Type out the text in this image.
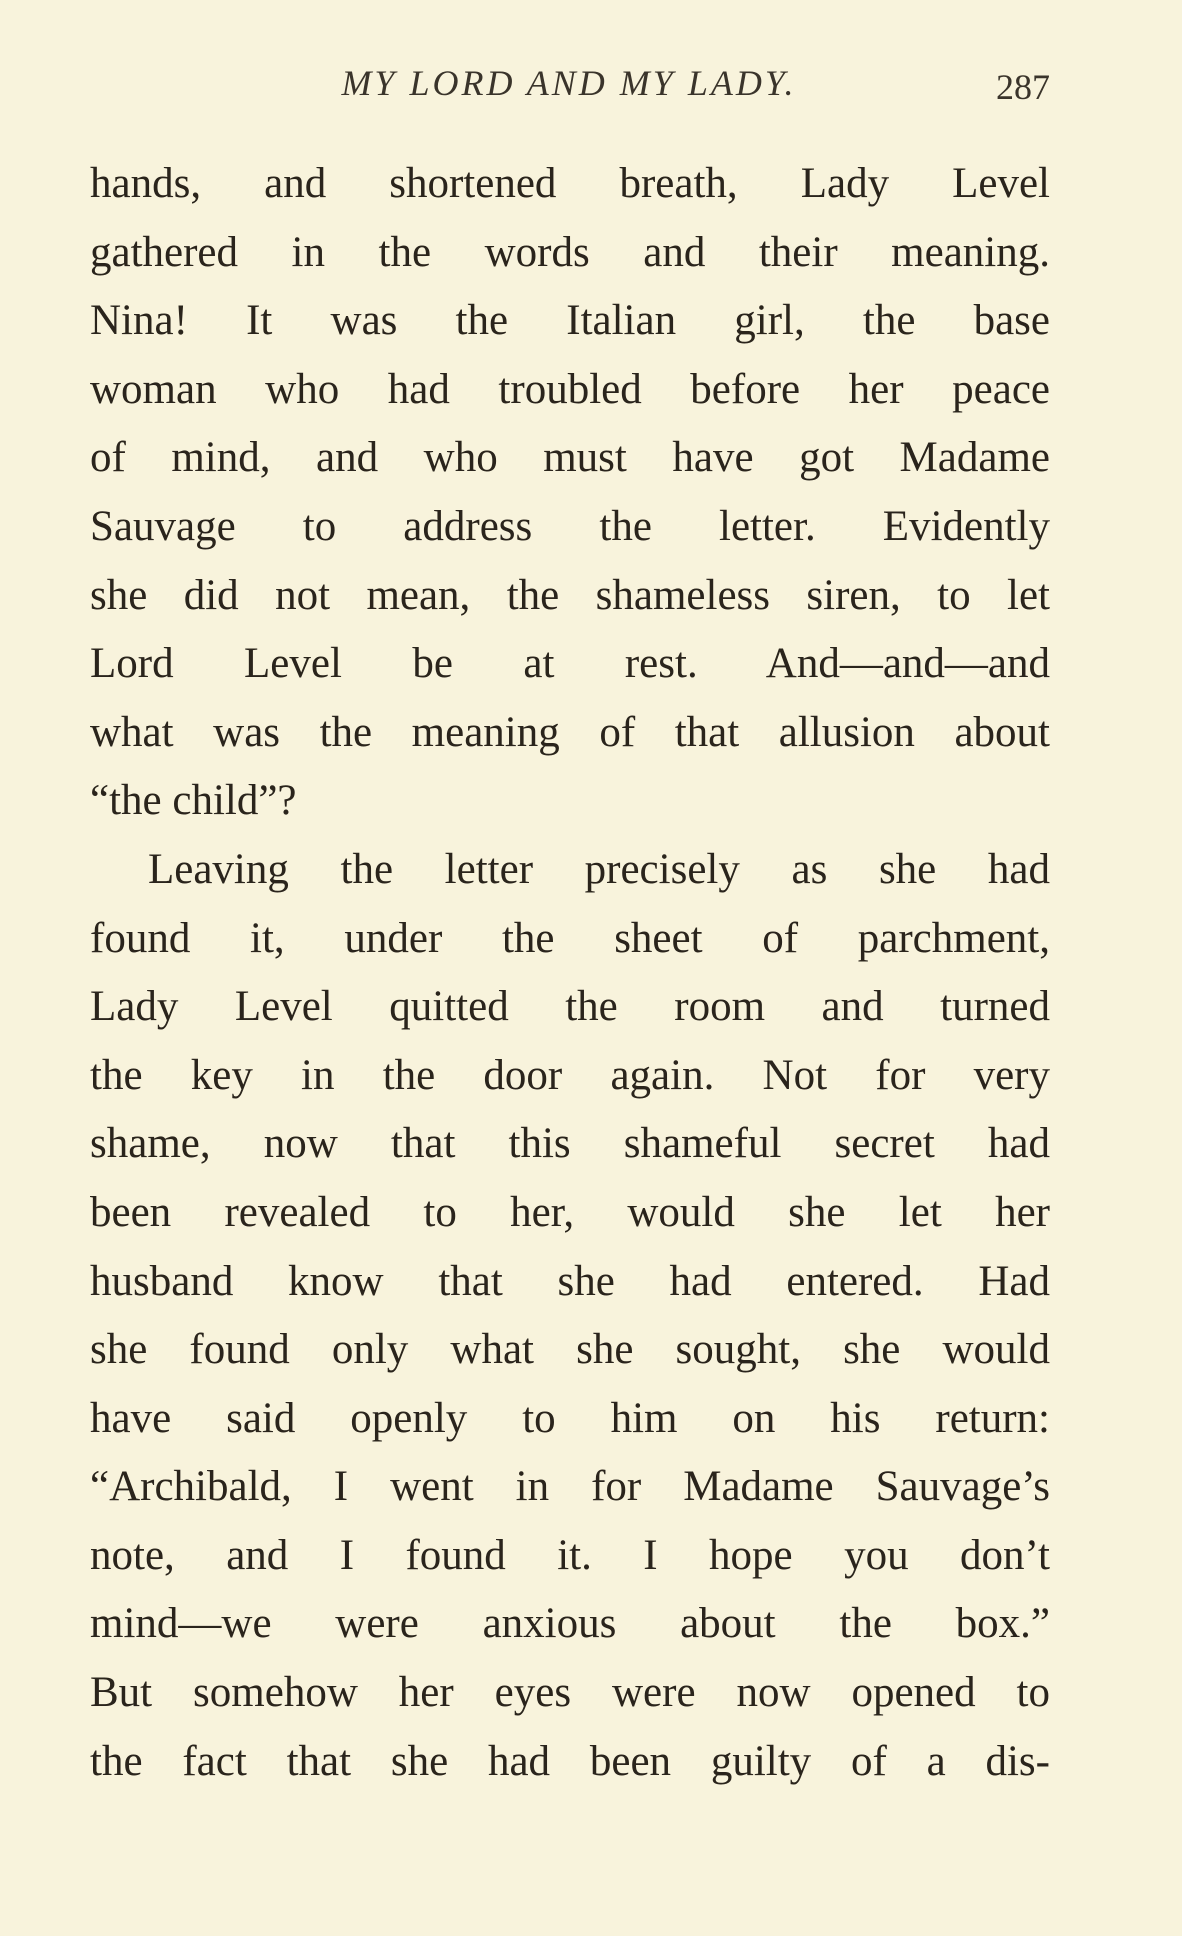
MY LORD AND MY LADY.	287
hands, and shortened breath, Lady Level
gathered in the words and their meaning.
Nina! It was the Italian girl, the base
woman who had troubled before her peace
of mind, and who must have got Madame
Sauvage to address the letter. Evidently
she did not mean, the shameless siren, to let
Lord Level be at rest. And—and—and
what was the meaning of that allusion about
“the child”?
Leaving the letter precisely as she had
found it, under the sheet of parchment,
Lady Level quitted the room and turned
the key in the door again. Not for very
shame, now that this shameful secret had
been revealed to her, would she let her
husband know that she had entered. Had
she found only what she sought, she would
have said openly to him on his return:
“Archibald, I went in for Madame Sauvage’s
note, and I found it. I hope you don’t
mind—we were anxious about the box.”
But somehow her eyes were now opened to
the fact that she had been guilty of a dis-
